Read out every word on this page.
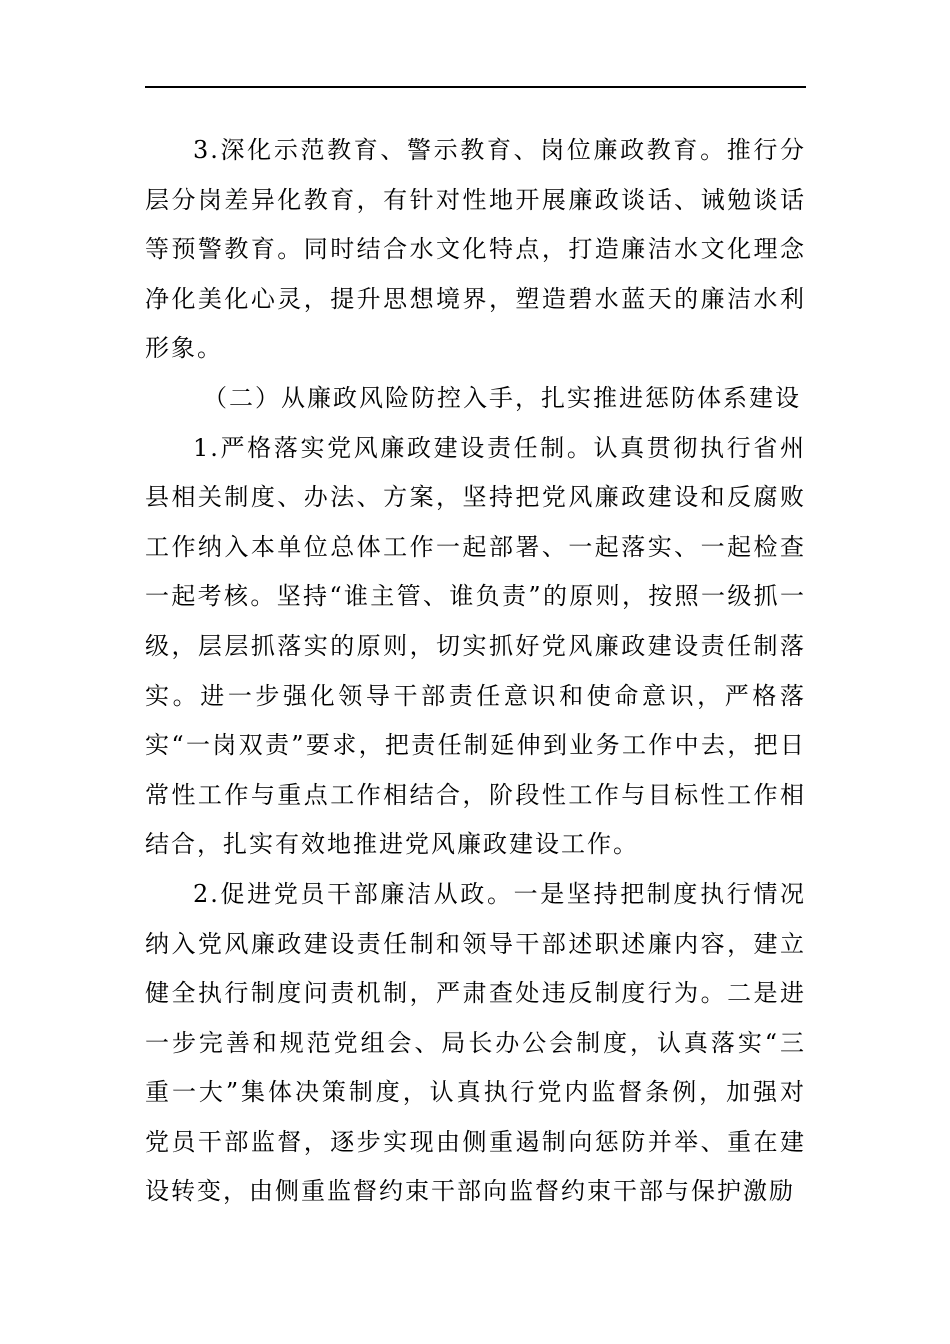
3.深化示范教育、警示教育、岗位廉政教育。推行分层分岗差异化教育，有针对性地开展廉政谈话、诫勉谈话等预警教育。同时结合水文化特点，打造廉洁水文化理念净化美化心灵，提升思想境界，塑造碧水蓝天的廉洁水利形象。

（二）从廉政风险防控入手，扎实推进惩防体系建设

1.严格落实党风廉政建设责任制。认真贯彻执行省州县相关制度、办法、方案，坚持把党风廉政建设和反腐败工作纳入本单位总体工作一起部署、一起落实、一起检查一起考核。坚持“谁主管、谁负责”的原则，按照一级抓一级，层层抓落实的原则，切实抓好党风廉政建设责任制落实。进一步强化领导干部责任意识和使命意识，严格落实“一岗双责”要求，把责任制延伸到业务工作中去，把日常性工作与重点工作相结合，阶段性工作与目标性工作相结合，扎实有效地推进党风廉政建设工作。

2.促进党员干部廉洁从政。一是坚持把制度执行情况纳入党风廉政建设责任制和领导干部述职述廉内容，建立健全执行制度问责机制，严肃查处违反制度行为。二是进一步完善和规范党组会、局长办公会制度，认真落实“三重一大”集体决策制度，认真执行党内监督条例，加强对党员干部监督，逐步实现由侧重遏制向惩防并举、重在建设转变，由侧重监督约束干部向监督约束干部与保护激励
